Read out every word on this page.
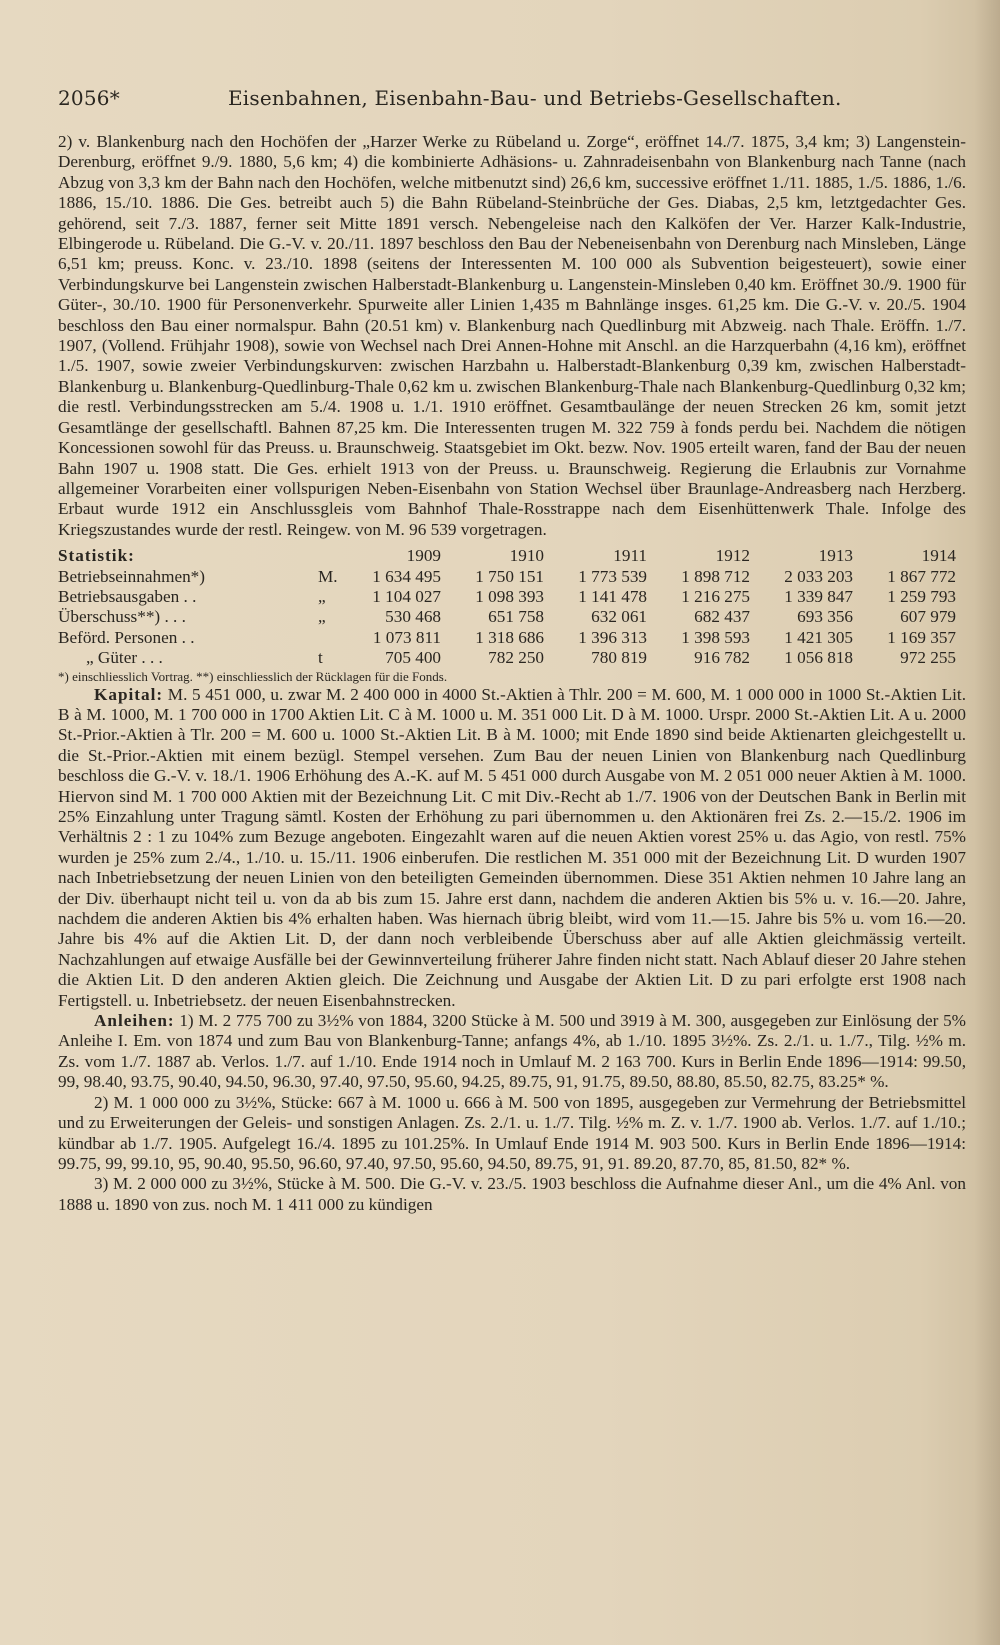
2056*	Eisenbahnen, Eisenbahn-Bau- und Betriebs-Gesellschaften.

2) v. Blankenburg nach den Hochöfen der „Harzer Werke zu Rübeland u. Zorge“, eröffnet 14./7. 1875, 3,4 km; 3) Langenstein-Derenburg, eröffnet 9./9. 1880, 5,6 km; 4) die kombinierte Adhäsions- u. Zahnradeisenbahn von Blankenburg nach Tanne (nach Abzug von 3,3 km der Bahn nach den Hochöfen, welche mitbenutzt sind) 26,6 km, successive eröffnet 1./11. 1885, 1./5. 1886, 1./6. 1886, 15./10. 1886. Die Ges. betreibt auch 5) die Bahn Rübeland-Steinbrüche der Ges. Diabas, 2,5 km, letztgedachter Ges. gehörend, seit 7./3. 1887, ferner seit Mitte 1891 versch. Nebengeleise nach den Kalköfen der Ver. Harzer Kalk-Industrie, Elbingerode u. Rübeland. Die G.-V. v. 20./11. 1897 beschloss den Bau der Nebeneisenbahn von Derenburg nach Minsleben, Länge 6,51 km; preuss. Konc. v. 23./10. 1898 (seitens der Interessenten M. 100 000 als Subvention beigesteuert), sowie einer Verbindungskurve bei Langenstein zwischen Halberstadt-Blankenburg u. Langenstein-Minsleben 0,40 km. Eröffnet 30./9. 1900 für Güter-, 30./10. 1900 für Personenverkehr. Spurweite aller Linien 1,435 m Bahnlänge insges. 61,25 km. Die G.-V. v. 20./5. 1904 beschloss den Bau einer normalspur. Bahn (20.51 km) v. Blankenburg nach Quedlinburg mit Abzweig. nach Thale. Eröffn. 1./7. 1907, (Vollend. Frühjahr 1908), sowie von Wechsel nach Drei Annen-Hohne mit Anschl. an die Harzquerbahn (4,16 km), eröffnet 1./5. 1907, sowie zweier Verbindungskurven: zwischen Harzbahn u. Halberstadt-Blankenburg 0,39 km, zwischen Halberstadt-Blankenburg u. Blankenburg-Quedlinburg-Thale 0,62 km u. zwischen Blankenburg-Thale nach Blankenburg-Quedlinburg 0,32 km; die restl. Verbindungsstrecken am 5./4. 1908 u. 1./1. 1910 eröffnet. Gesamtbaulänge der neuen Strecken 26 km, somit jetzt Gesamtlänge der gesellschaftl. Bahnen 87,25 km. Die Interessenten trugen M. 322 759 à fonds perdu bei. Nachdem die nötigen Koncessionen sowohl für das Preuss. u. Braunschweig. Staatsgebiet im Okt. bezw. Nov. 1905 erteilt waren, fand der Bau der neuen Bahn 1907 u. 1908 statt. Die Ges. erhielt 1913 von der Preuss. u. Braunschweig. Regierung die Erlaubnis zur Vornahme allgemeiner Vorarbeiten einer vollspurigen Neben-Eisenbahn von Station Wechsel über Braunlage-Andreasberg nach Herzberg. Erbaut wurde 1912 ein Anschlussgleis vom Bahnhof Thale-Rosstrappe nach dem Eisenhüttenwerk Thale. Infolge des Kriegszustandes wurde der restl. Reingew. von M. 96 539 vorgetragen.

Statistik:		1909	1910	1911	1912	1913	1914
Betriebseinnahmen*)	M.	1 634 495	1 750 151	1 773 539	1 898 712	2 033 203	1 867 772
Betriebsausgaben . .	„	1 104 027	1 098 393	1 141 478	1 216 275	1 339 847	1 259 793
Überschuss**) . . .	„	530 468	651 758	632 061	682 437	693 356	607 979
Beförd. Personen . .		1 073 811	1 318 686	1 396 313	1 398 593	1 421 305	1 169 357
„ Güter . . .	t	705 400	782 250	780 819	916 782	1 056 818	972 255

*) einschliesslich Vortrag. **) einschliesslich der Rücklagen für die Fonds.

Kapital: M. 5 451 000, u. zwar M. 2 400 000 in 4000 St.-Aktien à Thlr. 200 = M. 600, M. 1 000 000 in 1000 St.-Aktien Lit. B à M. 1000, M. 1 700 000 in 1700 Aktien Lit. C à M. 1000 u. M. 351 000 Lit. D à M. 1000. Urspr. 2000 St.-Aktien Lit. A u. 2000 St.-Prior.-Aktien à Tlr. 200 = M. 600 u. 1000 St.-Aktien Lit. B à M. 1000; mit Ende 1890 sind beide Aktienarten gleichgestellt u. die St.-Prior.-Aktien mit einem bezügl. Stempel versehen. Zum Bau der neuen Linien von Blankenburg nach Quedlinburg beschloss die G.-V. v. 18./1. 1906 Erhöhung des A.-K. auf M. 5 451 000 durch Ausgabe von M. 2 051 000 neuer Aktien à M. 1000. Hiervon sind M. 1 700 000 Aktien mit der Bezeichnung Lit. C mit Div.-Recht ab 1./7. 1906 von der Deutschen Bank in Berlin mit 25% Einzahlung unter Tragung sämtl. Kosten der Erhöhung zu pari übernommen u. den Aktionären frei Zs. 2.—15./2. 1906 im Verhältnis 2 : 1 zu 104% zum Bezuge angeboten. Eingezahlt waren auf die neuen Aktien vorest 25% u. das Agio, von restl. 75% wurden je 25% zum 2./4., 1./10. u. 15./11. 1906 einberufen. Die restlichen M. 351 000 mit der Bezeichnung Lit. D wurden 1907 nach Inbetriebsetzung der neuen Linien von den beteiligten Gemeinden übernommen. Diese 351 Aktien nehmen 10 Jahre lang an der Div. überhaupt nicht teil u. von da ab bis zum 15. Jahre erst dann, nachdem die anderen Aktien bis 5% u. v. 16.—20. Jahre, nachdem die anderen Aktien bis 4% erhalten haben. Was hiernach übrig bleibt, wird vom 11.—15. Jahre bis 5% u. vom 16.—20. Jahre bis 4% auf die Aktien Lit. D, der dann noch verbleibende Überschuss aber auf alle Aktien gleichmässig verteilt. Nachzahlungen auf etwaige Ausfälle bei der Gewinnverteilung früherer Jahre finden nicht statt. Nach Ablauf dieser 20 Jahre stehen die Aktien Lit. D den anderen Aktien gleich. Die Zeichnung und Ausgabe der Aktien Lit. D zu pari erfolgte erst 1908 nach Fertigstell. u. Inbetriebsetz. der neuen Eisenbahnstrecken.

Anleihen: 1) M. 2 775 700 zu 3½% von 1884, 3200 Stücke à M. 500 und 3919 à M. 300, ausgegeben zur Einlösung der 5% Anleihe I. Em. von 1874 und zum Bau von Blankenburg-Tanne; anfangs 4%, ab 1./10. 1895 3½%. Zs. 2./1. u. 1./7., Tilg. ½% m. Zs. vom 1./7. 1887 ab. Verlos. 1./7. auf 1./10. Ende 1914 noch in Umlauf M. 2 163 700. Kurs in Berlin Ende 1896—1914: 99.50, 99, 98.40, 93.75, 90.40, 94.50, 96.30, 97.40, 97.50, 95.60, 94.25, 89.75, 91, 91.75, 89.50, 88.80, 85.50, 82.75, 83.25* %.

2) M. 1 000 000 zu 3½%, Stücke: 667 à M. 1000 u. 666 à M. 500 von 1895, ausgegeben zur Vermehrung der Betriebsmittel und zu Erweiterungen der Geleis- und sonstigen Anlagen. Zs. 2./1. u. 1./7. Tilg. ½% m. Z. v. 1./7. 1900 ab. Verlos. 1./7. auf 1./10.; kündbar ab 1./7. 1905. Aufgelegt 16./4. 1895 zu 101.25%. In Umlauf Ende 1914 M. 903 500. Kurs in Berlin Ende 1896—1914: 99.75, 99, 99.10, 95, 90.40, 95.50, 96.60, 97.40, 97.50, 95.60, 94.50, 89.75, 91, 91. 89.20, 87.70, 85, 81.50, 82* %.

3) M. 2 000 000 zu 3½%, Stücke à M. 500. Die G.-V. v. 23./5. 1903 beschloss die Aufnahme dieser Anl., um die 4% Anl. von 1888 u. 1890 von zus. noch M. 1 411 000 zu kündigen
